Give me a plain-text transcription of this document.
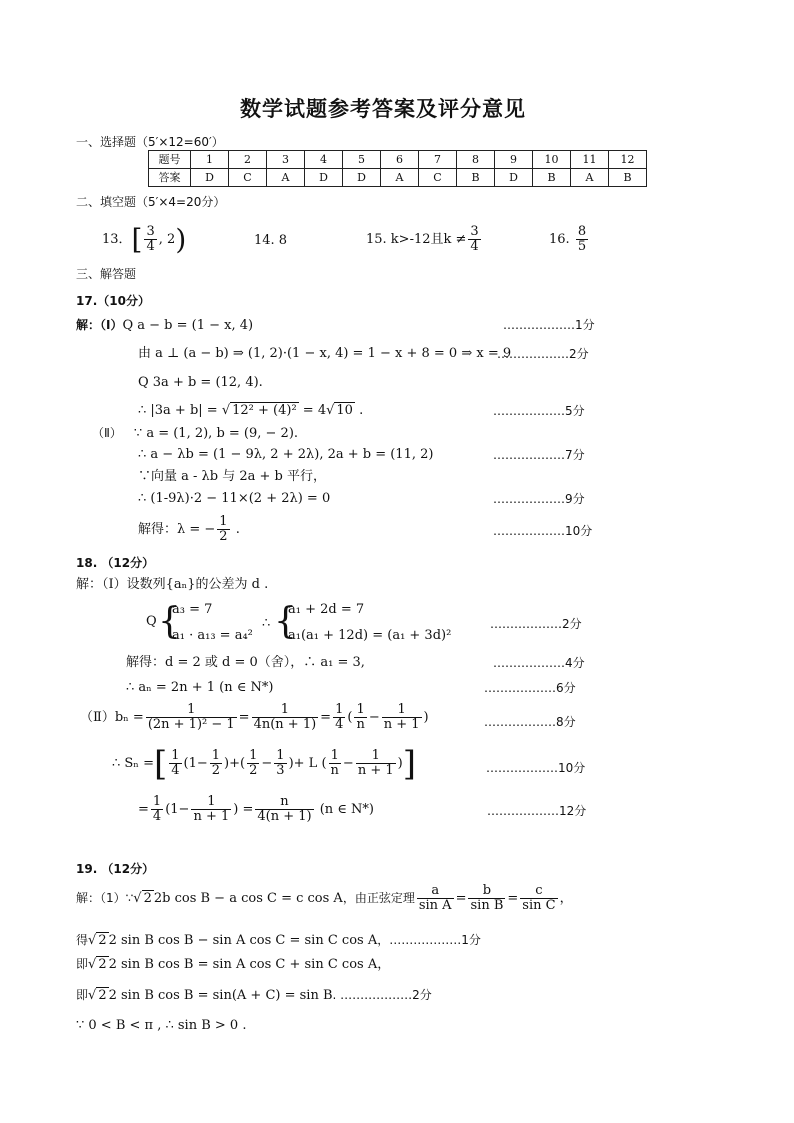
数学试题参考答案及评分意见
一、选择题（5′×12=60′）
题号	1	2	3	4	5	6	7	8	9	10	11	12
答案	D	C	A	D	D	A	C	B	D	B	A	B
二、填空题（5′×4=20分）
13．[ $\frac{3}{4}$ , 2)	14. 8	15. k>-12且$k \ne \frac{3}{4}$	16. $\frac{8}{5}$
三、解答题
17.（10分）
解：（Ⅰ）Q a − b = (1 − x, 4)	………………1分
由 a ⊥ (a − b) ⇒ (1, 2)·(1 − x, 4) = 1 − x + 8 = 0 ⇒ x = 9
………………2分
Q 3a + b = (12, 4).
∴ |3a + b| = √ 12² + (4)² = 4√ 10 .	………………5分
（Ⅱ） ∵ a = (1, 2), b = (9, − 2).
∴ a − λb = (1 − 9λ, 2 + 2λ), 2a + b = (11, 2)	………………7分
∵向量 a - λb 与 2a + b 平行，
∴ (1-9λ)·2 − 11×(2 + 2λ) = 0	………………9分
解得：λ = − $\frac{1}{2}$ .	………………10分
18. （12分）
解：（Ⅰ）设数列{aₙ}的公差为 d .
Q {
a₃ = 7
a₁ · a₁₃ = a₄²
∴ {
a₁ + 2d = 7
a₁(a₁ + 12d) = (a₁ + 3d)²
………………2分
解得：d = 2 或 d = 0（舍），∴ a₁ = 3,	………………4分
∴ aₙ = 2n + 1 (n ∈ N*)	………………6分
（Ⅱ）bₙ = $\frac{1}{\text{(2n + 1)² − 1}} = \frac{1}{4n(n + 1)} = \frac{1}{4}$ ( $\frac{1}{n} - \frac{1}{n + 1}$ )	………………8分
∴ Sₙ =[ $\frac{1}{4} (1- \frac{1}{2}$ )+( $\frac{1}{2} - \frac{1}{3}$ )+ L ( $\frac{1}{n} - \frac{1}{n + 1}$ )]	………………10分
= $\frac{1}{4} (1- \frac{1}{n + 1}$ ) = $\frac{n}{4(n + 1)} (n$ ∈ N*)	………………12分
19. （12分）
解：（1）∵√ 2 2b cos B − a cos C = c cos A，由正弦定理 $\frac{a}{\text{sin A}} = \frac{b}{\text{sin B}} = \frac{c}{\text{sin C}}$ ，
得√ 2 2 sin B cos B − sin A cos C = sin C cos A，………………1分
即√ 2 2 sin B cos B = sin A cos C + sin C cos A，
即√ 2 2 sin B cos B = sin(A + C) = sin B. ………………2分
∵ 0 < B < π , ∴ sin B > 0 .
